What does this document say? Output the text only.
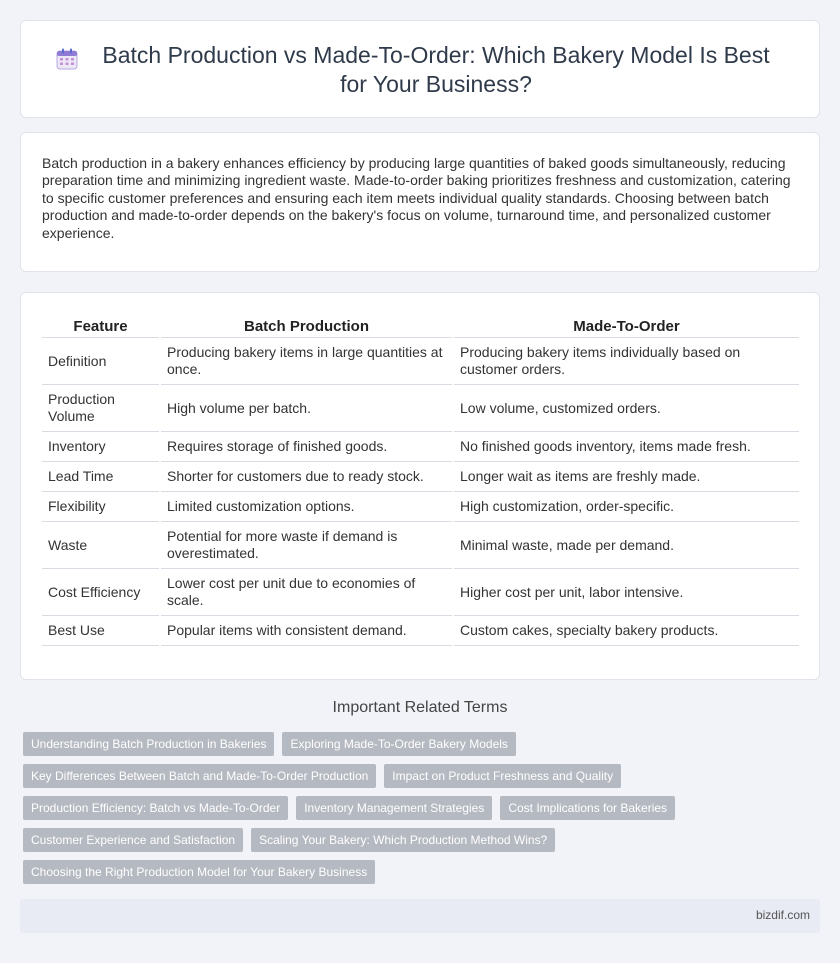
Batch Production vs Made-To-Order: Which Bakery Model Is Best for Your Business?

Batch production in a bakery enhances efficiency by producing large quantities of baked goods simultaneously, reducing preparation time and minimizing ingredient waste. Made-to-order baking prioritizes freshness and customization, catering to specific customer preferences and ensuring each item meets individual quality standards. Choosing between batch production and made-to-order depends on the bakery's focus on volume, turnaround time, and personalized customer experience.

Feature	Batch Production	Made-To-Order
Definition	Producing bakery items in large quantities at once.	Producing bakery items individually based on customer orders.
Production Volume	High volume per batch.	Low volume, customized orders.
Inventory	Requires storage of finished goods.	No finished goods inventory, items made fresh.
Lead Time	Shorter for customers due to ready stock.	Longer wait as items are freshly made.
Flexibility	Limited customization options.	High customization, order-specific.
Waste	Potential for more waste if demand is overestimated.	Minimal waste, made per demand.
Cost Efficiency	Lower cost per unit due to economies of scale.	Higher cost per unit, labor intensive.
Best Use	Popular items with consistent demand.	Custom cakes, specialty bakery products.
Important Related Terms
Understanding Batch Production in Bakeries	Exploring Made-To-Order Bakery Models
Key Differences Between Batch and Made-To-Order Production	Impact on Product Freshness and Quality
Production Efficiency: Batch vs Made-To-Order	Inventory Management Strategies	Cost Implications for Bakeries
Customer Experience and Satisfaction	Scaling Your Bakery: Which Production Method Wins?
Choosing the Right Production Model for Your Bakery Business
bizdif.com
